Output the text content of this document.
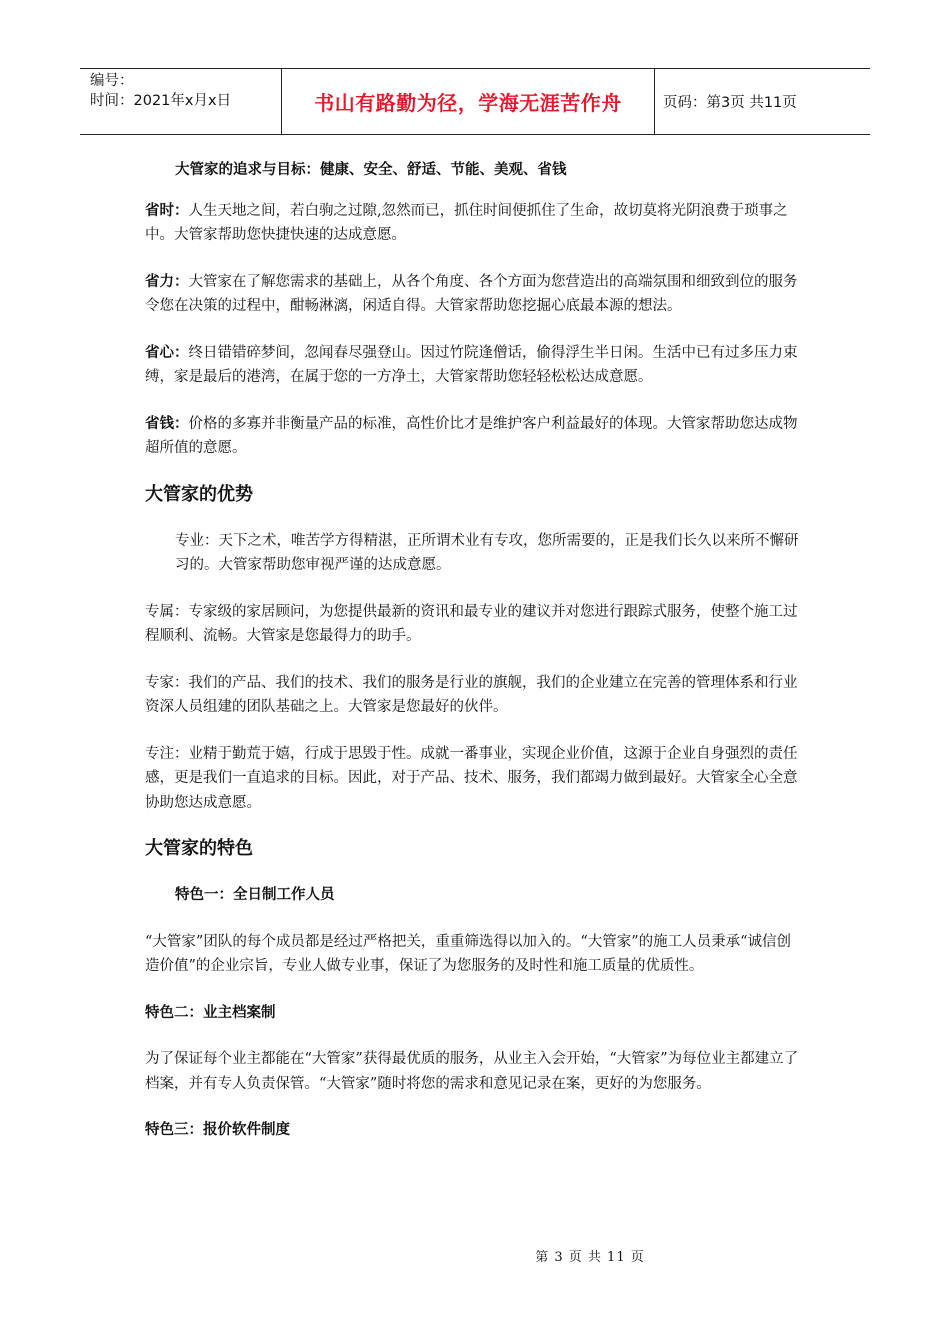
编号：
时间：2021年x月x日	书山有路勤为径，学海无涯苦作舟	页码：第3页 共11页

大管家的追求与目标：健康、安全、舒适、节能、美观、省钱

省时：人生天地之间，若白驹之过隙,忽然而已，抓住时间便抓住了生命，故切莫将光阴浪费于琐事之中。大管家帮助您快捷快速的达成意愿。

省力：大管家在了解您需求的基础上，从各个角度、各个方面为您营造出的高端氛围和细致到位的服务令您在决策的过程中，酣畅淋漓，闲适自得。大管家帮助您挖掘心底最本源的想法。

省心：终日错错碎梦间，忽闻春尽强登山。因过竹院逢僧话，偷得浮生半日闲。生活中已有过多压力束缚，家是最后的港湾，在属于您的一方净土，大管家帮助您轻轻松松达成意愿。

省钱：价格的多寡并非衡量产品的标准，高性价比才是维护客户利益最好的体现。大管家帮助您达成物超所值的意愿。

大管家的优势

专业：天下之术，唯苦学方得精湛，正所谓术业有专攻，您所需要的，正是我们长久以来所不懈研习的。大管家帮助您审视严谨的达成意愿。

专属：专家级的家居顾问，为您提供最新的资讯和最专业的建议并对您进行跟踪式服务，使整个施工过程顺利、流畅。大管家是您最得力的助手。

专家：我们的产品、我们的技术、我们的服务是行业的旗舰，我们的企业建立在完善的管理体系和行业资深人员组建的团队基础之上。大管家是您最好的伙伴。

专注：业精于勤荒于嬉，行成于思毁于性。成就一番事业，实现企业价值，这源于企业自身强烈的责任感，更是我们一直追求的目标。因此，对于产品、技术、服务，我们都竭力做到最好。大管家全心全意协助您达成意愿。

大管家的特色

特色一：全日制工作人员

“大管家”团队的每个成员都是经过严格把关，重重筛选得以加入的。“大管家”的施工人员秉承“诚信创造价值”的企业宗旨，专业人做专业事，保证了为您服务的及时性和施工质量的优质性。

特色二：业主档案制

为了保证每个业主都能在“大管家”获得最优质的服务，从业主入会开始，“大管家”为每位业主都建立了档案，并有专人负责保管。“大管家”随时将您的需求和意见记录在案，更好的为您服务。

特色三：报价软件制度

第 3 页 共 11 页
